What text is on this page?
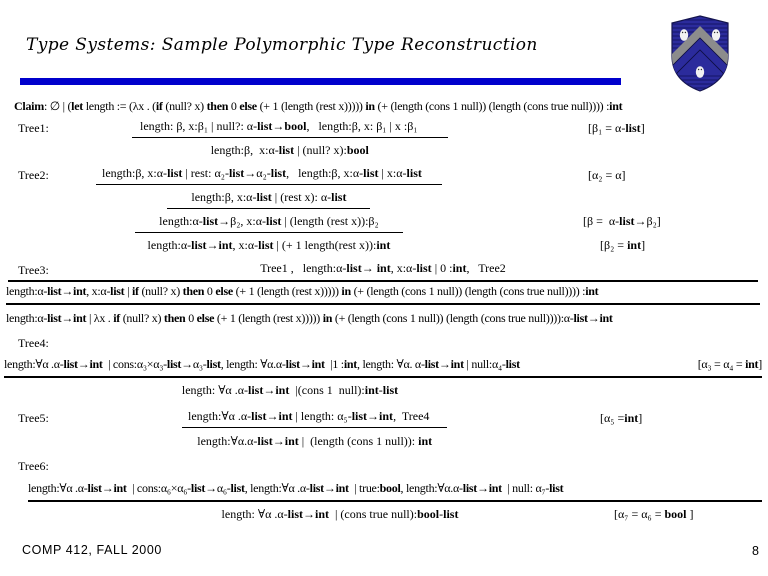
Type Systems: Sample Polymorphic Type Reconstruction
Claim: ∅ | (let length := (λx . (if (null? x) then 0 else (+ 1 (length (rest x))))) in (+ (length (cons 1 null)) (length (cons true null)))) :int
Tree1:	length: β, x:β₁ | null?: α-list→bool,   length:β, x: β₁ | x :β₁
length:β,  x:α-list | (null? x):bool
[β₁ = α-list]
Tree2:	length:β, x:α-list | rest: α₂-list→α₂-list,   length:β, x:α-list | x:α-list
length:β, x:α-list | (rest x): α-list
length:α-list→β₂, x:α-list | (length (rest x)):β₂
length:α-list→int, x:α-list | (+ 1 length(rest x)):int
[α₂ = α]
[β =  α-list→β₂]
[β₂ = int]
Tree3:	Tree1 ,   length:α-list→ int, x:α-list | 0 :int,   Tree2
length:α-list→int, x:α-list | if (null? x) then 0 else (+ 1 (length (rest x))))) in (+ (length (cons 1 null)) (length (cons true null)))) :int
length:α-list→int | λx . if (null? x) then 0 else (+ 1 (length (rest x))))) in (+ (length (cons 1 null)) (length (cons true null)))):α-list→int
Tree4:
length:∀α .α-list→int  | cons:α₃×α₃-list→α₃-list, length: ∀α.α-list→int  |1 :int, length: ∀α. α-list→int | null:α₄-list	[α₃ = α₄ = int]
length: ∀α .α-list→int  |(cons 1  null):int-list
Tree5:	length:∀α .α-list→int | length: α₅-list→int,  Tree4
length:∀α.α-list→int |  (length (cons 1 null)): int
[α₅ =int]
Tree6:
length:∀α .α-list→int  | cons:α₆×α₆-list→α₆-list, length:∀α .α-list→int  | true:bool, length:∀α.α-list→int  | null: α₇-list
length: ∀α .α-list→int  | (cons true null):bool-list	[α₇ = α₆ = bool ]
COMP 412, FALL 2000	8
